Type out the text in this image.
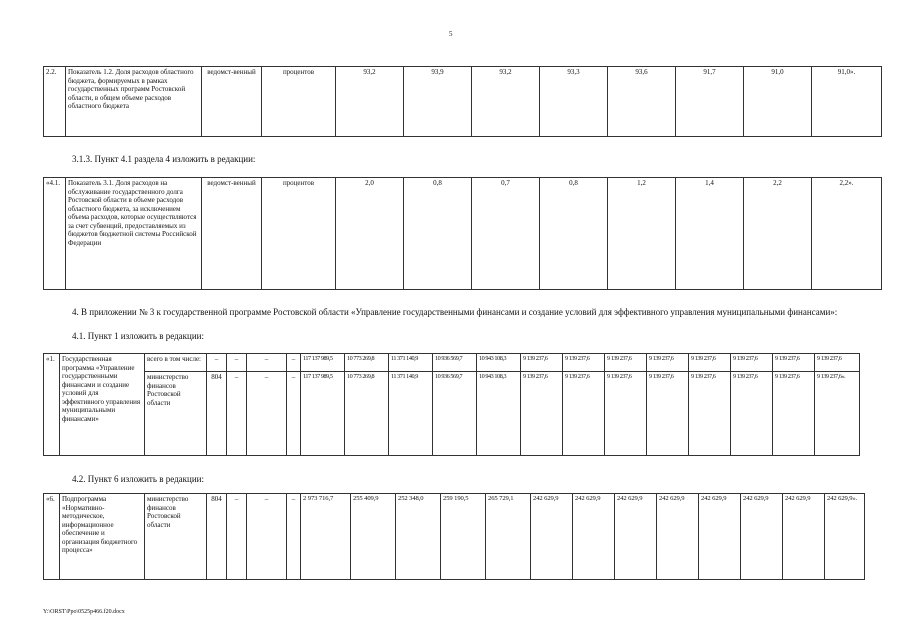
5
2.2.	Показатель 1.2. Доля расходов областного бюджета, формируемых в рамках государственных программ Ростовской области, в общем объеме расходов областного бюджета	ведомст-венный	процентов	93,2	93,9	93,2	93,3	93,6	91,7	91,0	91,0».
3.1.3. Пункт 4.1 раздела 4 изложить в редакции:
«4.1.	Показатель 3.1. Доля расходов на обслуживание государственного долга Ростовской области в объеме расходов областного бюджета, за исключением объема расходов, которые осуществляются за счет субвенций, предоставляемых из бюджетов бюджетной системы Российской Федерации	ведомст-венный	процентов	2,0	0,8	0,7	0,8	1,2	1,4	2,2	2,2».
4. В приложении № 3 к государственной программе Ростовской области «Управление государственными финансами и создание условий для эффективного управления муниципальными финансами»:
4.1. Пункт 1 изложить в редакции:
«1.	Государственная программа «Управление государственными финансами и создание условий для эффективного управления муниципальными финансами»	всего в том числе:	–	–	–	–	117 137 989,5	10 773 269,8	11 371 140,9	10 936 569,7	10 943 108,3	9 139 237,6	9 139 237,6	9 139 237,6	9 139 237,6	9 139 237,6	9 139 237,6	9 139 237,6	9 139 237,6
		министерство финансов Ростовской области	804	–	–	–	117 137 989,5	10 773 269,8	11 371 140,9	10 936 569,7	10 943 108,3	9 139 237,6	9 139 237,6	9 139 237,6	9 139 237,6	9 139 237,6	9 139 237,6	9 139 237,6	9 139 237,6».
4.2. Пункт 6 изложить в редакции:
«6.	Подпрограмма «Нормативно-методическое, информационное обеспечение и организация бюджетного процесса»	министерство финансов Ростовской области	804	–	–	–	2 973 716,7	255 409,9	252 348,0	259 190,5	265 729,1	242 629,9	242 629,9	242 629,9	242 629,9	242 629,9	242 629,9	242 629,9	242 629,9».
Y:\ORST\Ppo\0525p466.f20.docx
